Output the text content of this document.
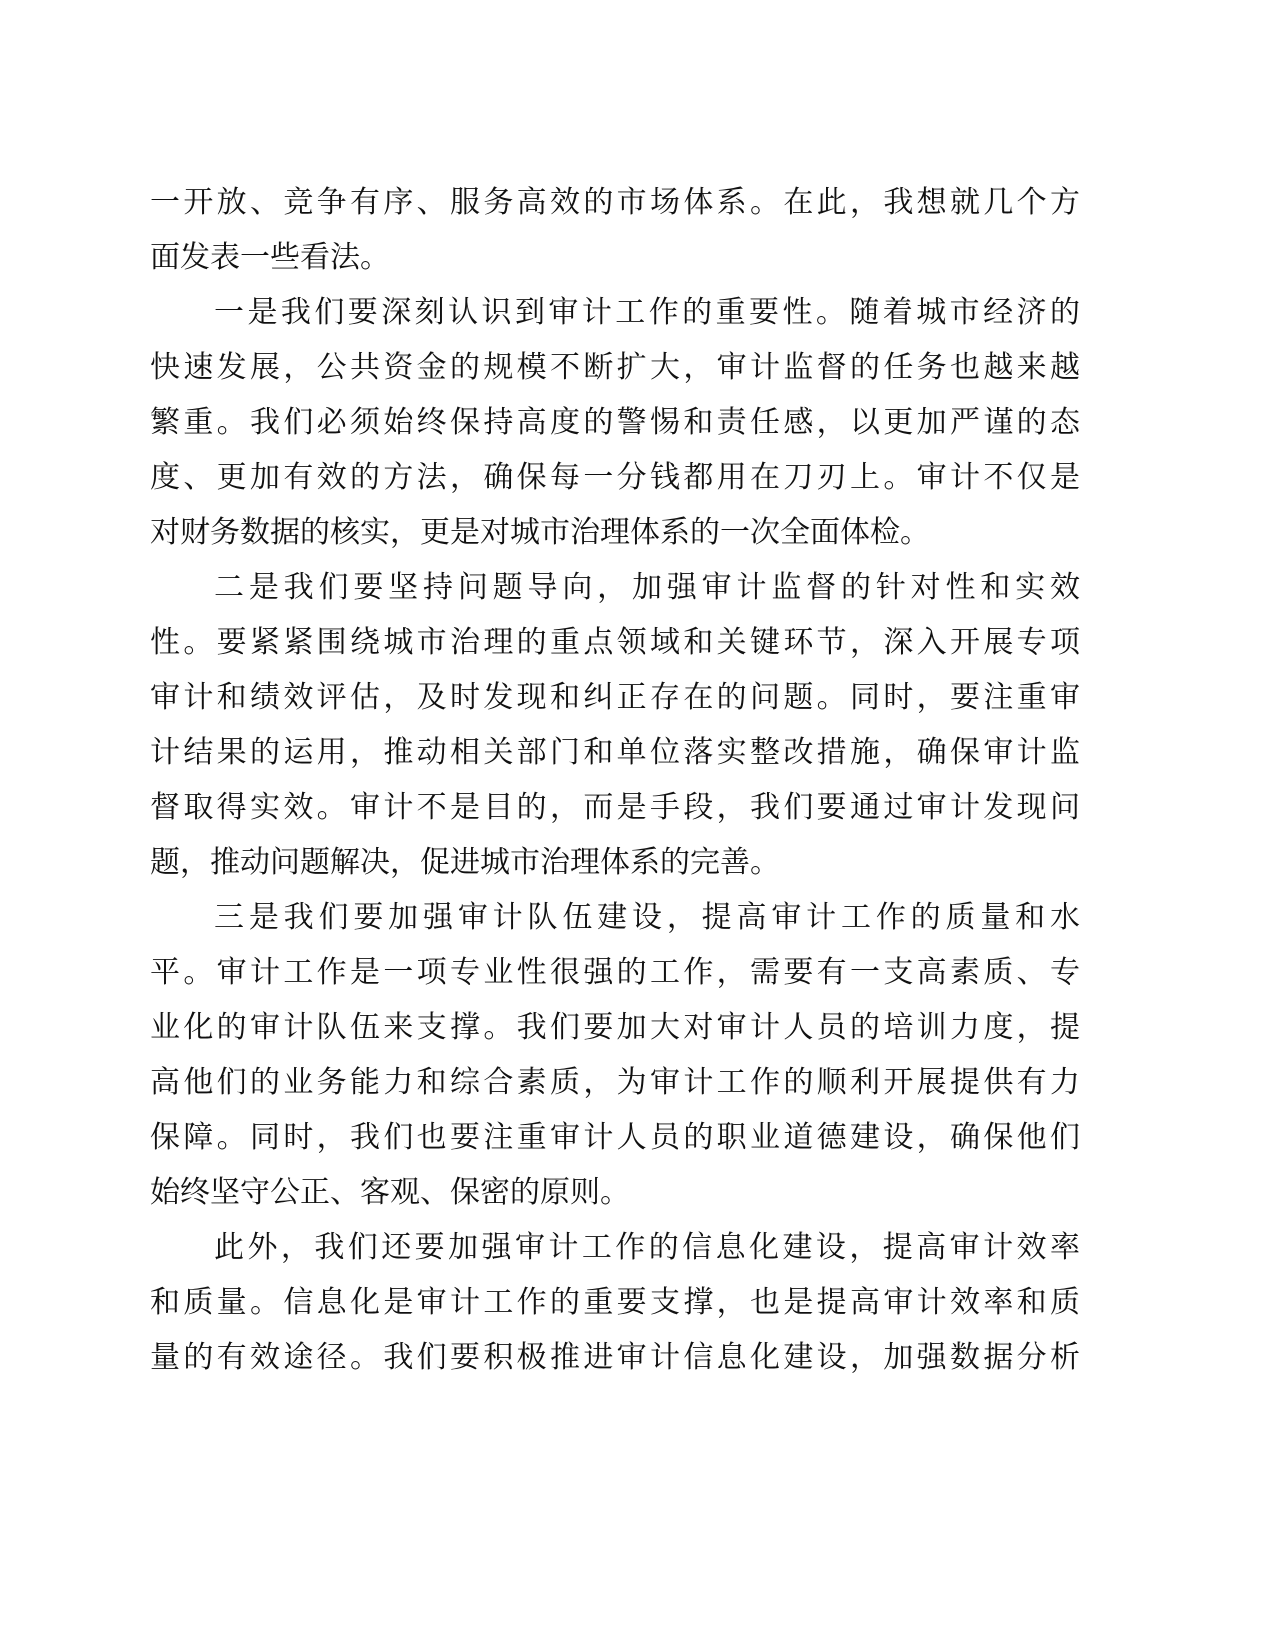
一开放、竞争有序、服务高效的市场体系。在此，我想就几个方
面发表一些看法。
一是我们要深刻认识到审计工作的重要性。随着城市经济的
快速发展，公共资金的规模不断扩大，审计监督的任务也越来越
繁重。我们必须始终保持高度的警惕和责任感，以更加严谨的态
度、更加有效的方法，确保每一分钱都用在刀刃上。审计不仅是
对财务数据的核实，更是对城市治理体系的一次全面体检。
二是我们要坚持问题导向，加强审计监督的针对性和实效
性。要紧紧围绕城市治理的重点领域和关键环节，深入开展专项
审计和绩效评估，及时发现和纠正存在的问题。同时，要注重审
计结果的运用，推动相关部门和单位落实整改措施，确保审计监
督取得实效。审计不是目的，而是手段，我们要通过审计发现问
题，推动问题解决，促进城市治理体系的完善。
三是我们要加强审计队伍建设，提高审计工作的质量和水
平。审计工作是一项专业性很强的工作，需要有一支高素质、专
业化的审计队伍来支撑。我们要加大对审计人员的培训力度，提
高他们的业务能力和综合素质，为审计工作的顺利开展提供有力
保障。同时，我们也要注重审计人员的职业道德建设，确保他们
始终坚守公正、客观、保密的原则。
此外，我们还要加强审计工作的信息化建设，提高审计效率
和质量。信息化是审计工作的重要支撑，也是提高审计效率和质
量的有效途径。我们要积极推进审计信息化建设，加强数据分析
